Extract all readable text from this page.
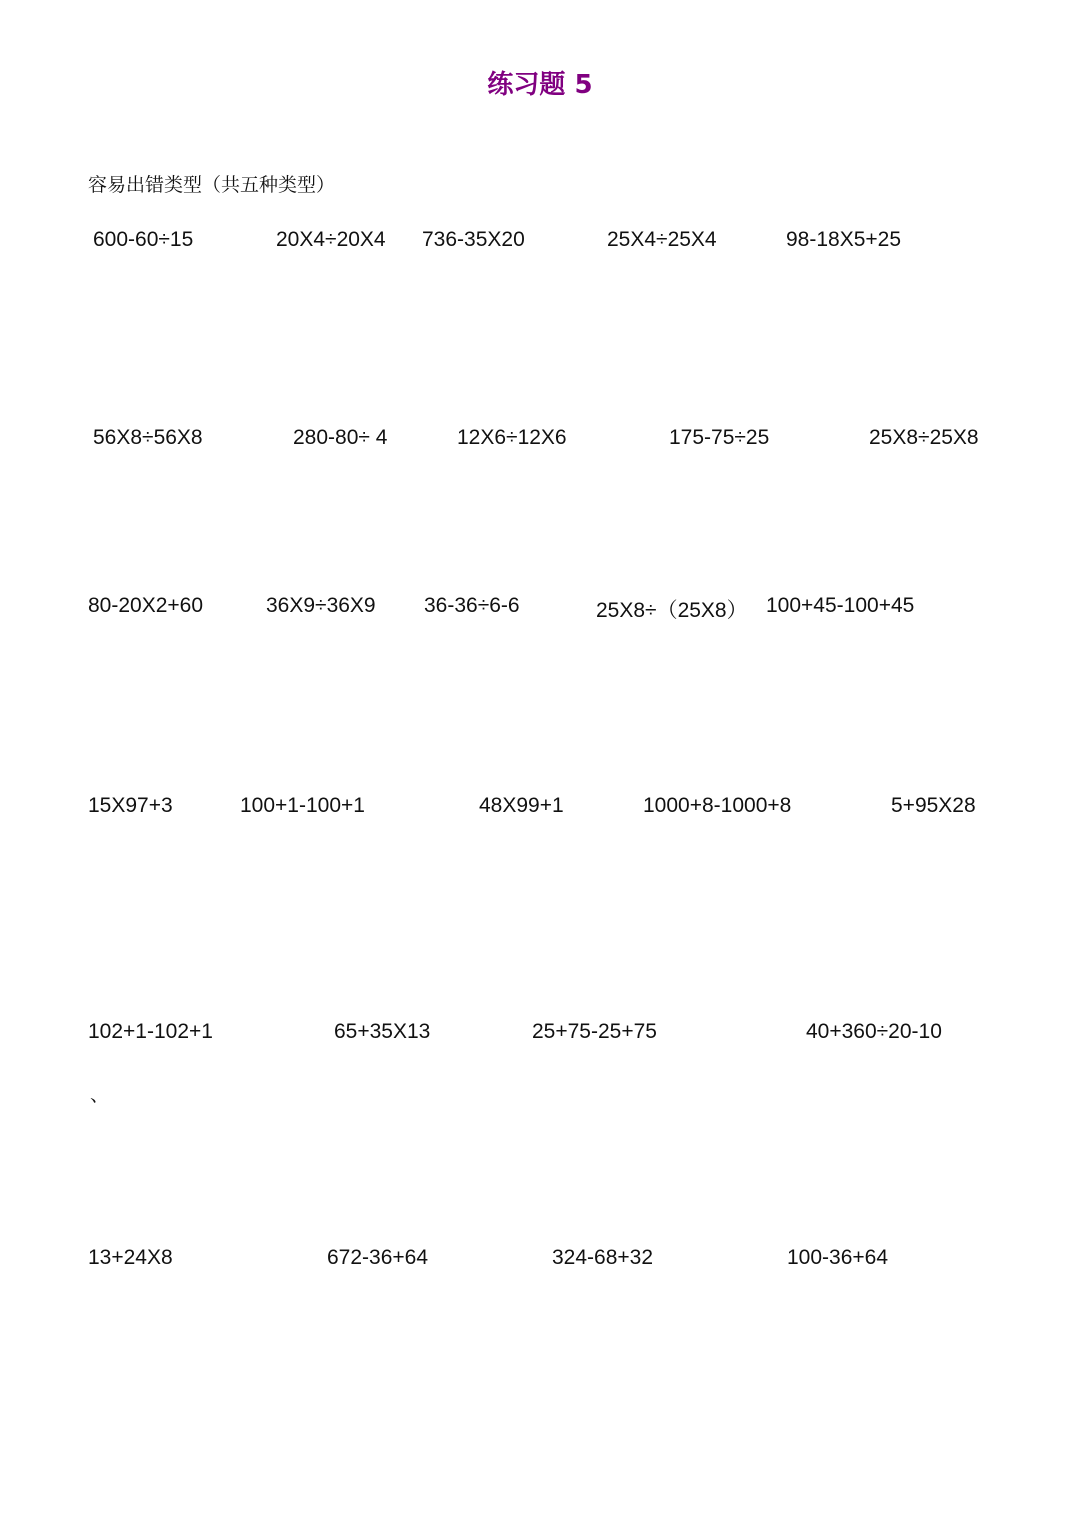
练习题 5
容易出错类型（共五种类型）
600-60÷15	20X4÷20X4 736-35X20	25X4÷25X4	98-18X5+25
56X8÷56X8	280-80÷ 4	12X6÷12X6	175-75÷25	25X8÷25X8
80-20X2+60	36X9÷36X9 36-36÷6-6	25X8÷（25X8） 100+45-100+45
15X97+3	100+1-100+1	48X99+1	1000+8-1000+8	5+95X28
102+1-102+1	65+35X13	25+75-25+75	40+360÷20-10
、
13+24X8	672-36+64	324-68+32	100-36+64
